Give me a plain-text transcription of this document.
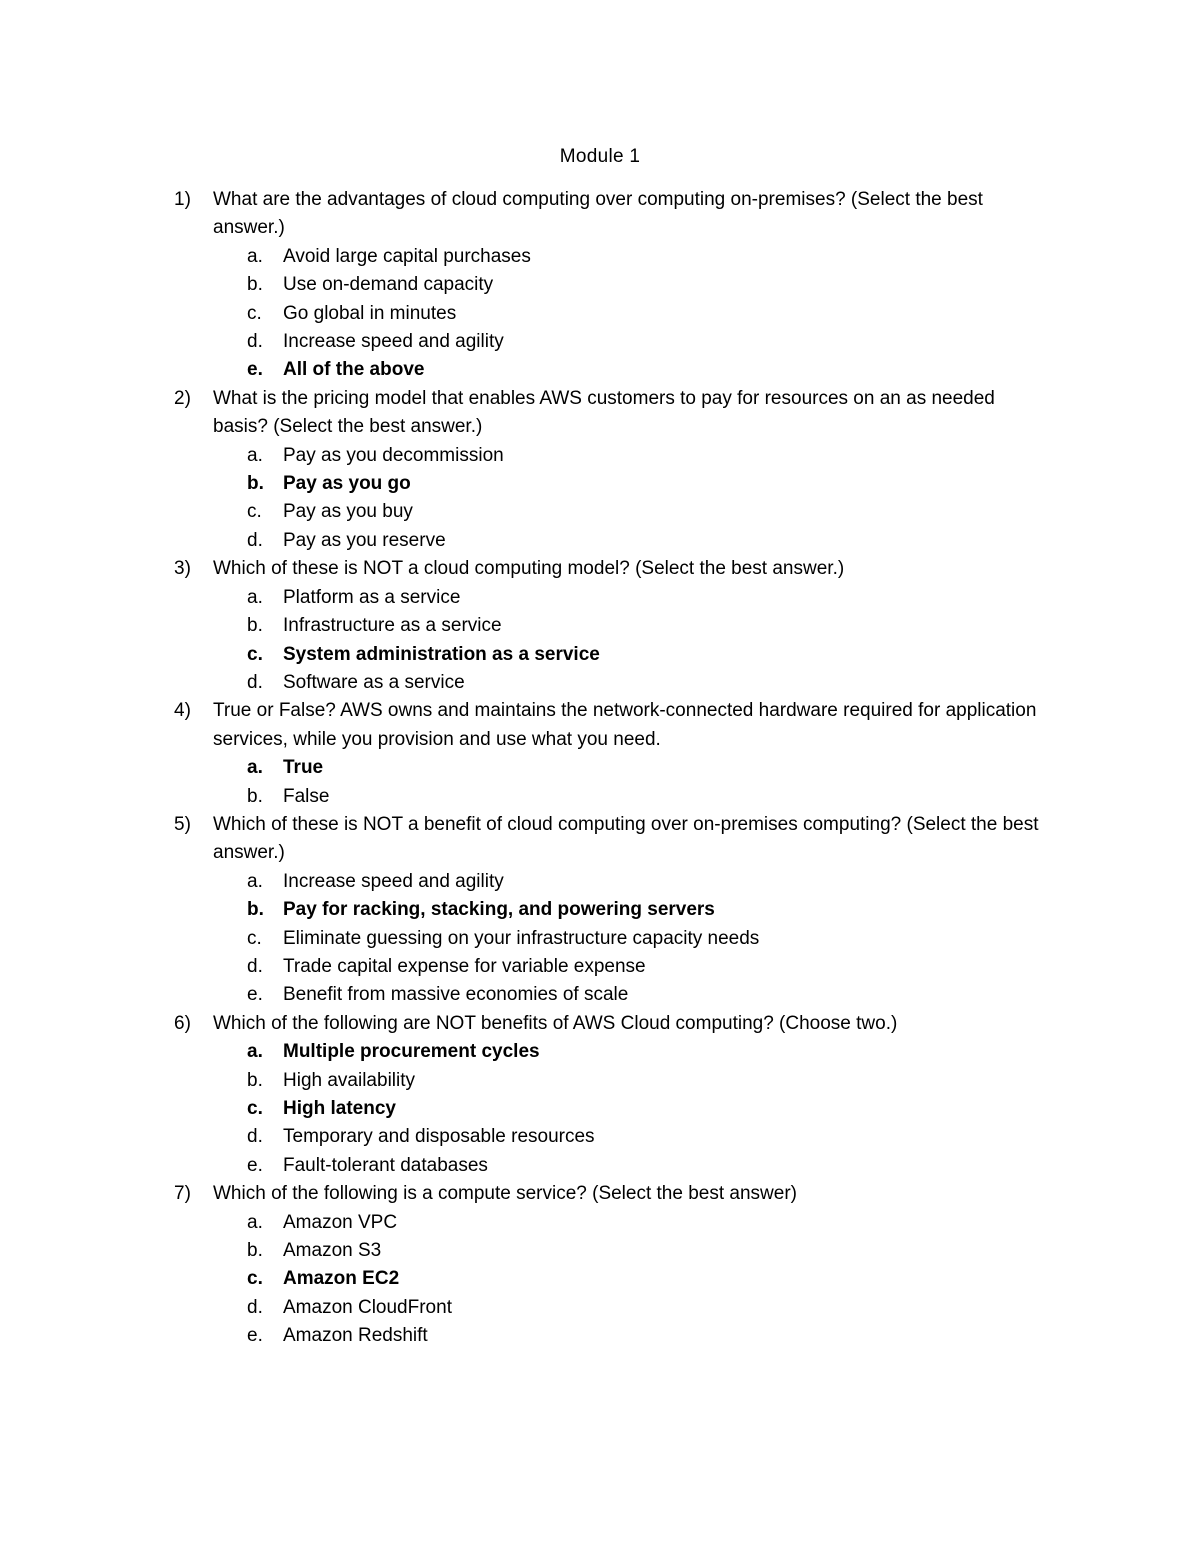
Module 1
1)	What are the advantages of cloud computing over computing on-premises? (Select the best answer.)
a.	Avoid large capital purchases
b.	Use on-demand capacity
c.	Go global in minutes
d.	Increase speed and agility
e.	All of the above
2)	What is the pricing model that enables AWS customers to pay for resources on an as needed basis? (Select the best answer.)
a.	Pay as you decommission
b.	Pay as you go
c.	Pay as you buy
d.	Pay as you reserve
3)	Which of these is NOT a cloud computing model? (Select the best answer.)
a.	Platform as a service
b.	Infrastructure as a service
c.	System administration as a service
d.	Software as a service
4)	True or False? AWS owns and maintains the network-connected hardware required for application services, while you provision and use what you need.
a.	True
b.	False
5)	Which of these is NOT a benefit of cloud computing over on-premises computing? (Select the best answer.)
a.	Increase speed and agility
b.	Pay for racking, stacking, and powering servers
c.	Eliminate guessing on your infrastructure capacity needs
d.	Trade capital expense for variable expense
e.	Benefit from massive economies of scale
6)	Which of the following are NOT benefits of AWS Cloud computing? (Choose two.)
a.	Multiple procurement cycles
b.	High availability
c.	High latency
d.	Temporary and disposable resources
e.	Fault-tolerant databases
7)	Which of the following is a compute service? (Select the best answer)
a.	Amazon VPC
b.	Amazon S3
c.	Amazon EC2
d.	Amazon CloudFront
e.	Amazon Redshift
